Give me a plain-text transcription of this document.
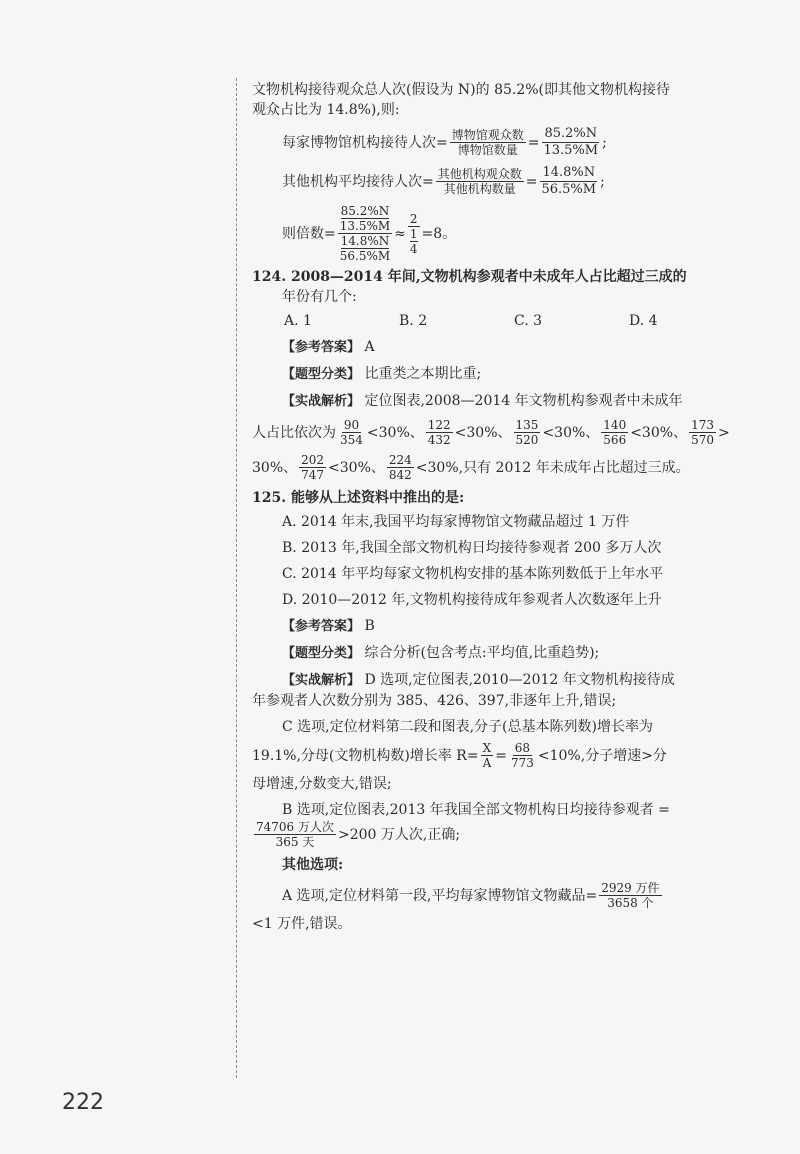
文物机构接待观众总人次(假设为 N)的 85.2%(即其他文物机构接待
观众占比为 14.8%),则:
每家博物馆机构接待人次 = $\frac{\text{博物馆观众数}}{\text{博物馆数量}} = \frac{85.2\%N}{13.5\%M}$ ;
其他机构平均接待人次 = $\frac{\text{其他机构观众数}}{\text{其他机构数量}} = \frac{14.8\%N}{56.5\%M}$ ;
则倍数 = 85.2%N
13.5%M
14.8%N
56.5%M ≈ 2
1
4 = 8。
124. 2008—2014 年间,文物机构参观者中未成年人占比超过三成的
年份有几个:
A. 1	B. 2	C. 3	D. 4
【参考答案】 A
【题型分类】 比重类之本期比重;
【实战解析】 定位图表,2008—2014 年文物机构参观者中未成年
人占比依次为 $\frac{90}{354} <30\%$ 、 $\frac{122}{432} <30\%$ 、 $\frac{135}{520} <30\%$ 、 $\frac{140}{566} <30\%$ 、 $\frac{173}{570}$ >
30% 、 $\frac{202}{747} <30\%$ 、 $\frac{224}{842} <30\%$ , 只有 2012 年未成年占比超过三成。
125. 能够从上述资料中推出的是:
A. 2014 年末,我国平均每家博物馆文物藏品超过 1 万件
B. 2013 年,我国全部文物机构日均接待参观者 200 多万人次
C. 2014 年平均每家文物机构安排的基本陈列数低于上年水平
D. 2010—2012 年,文物机构接待成年参观者人次数逐年上升
【参考答案】 B
【题型分类】 综合分析(包含考点:平均值,比重趋势);
【实战解析】 D 选项,定位图表,2010—2012 年文物机构接待成
年参观者人次数分别为 385、426、397,非逐年上升,错误;
C 选项,定位材料第二段和图表,分子(总基本陈列数)增长率为
19.1%,分母(文物机构数)增长率 $R = \frac{X}{A} = \frac{68}{773} <10\%$,分子增速>分
母增速,分数变大,错误;
B 选项,定位图表,2013 年我国全部文物机构日均接待参观者 =
$\frac{\text{74706 万人次}}{\text{365 天}} >200$ 万人次,正确;
其他选项:
A 选项,定位材料第一段,平均每家博物馆文物藏品= $\frac{\text{2929 万件}}{\text{3658 个}}$
<1 万件,错误。
222
